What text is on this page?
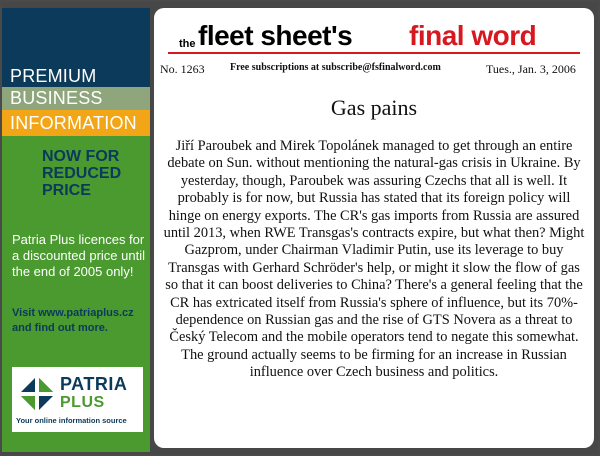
PREMIUM
BUSINESS
INFORMATION
NOW FOR
REDUCED
PRICE
Patria Plus licences for a discounted price until the end of 2005 only!
Visit www.patriaplus.cz
and find out more.
PATRIA
PLUS
Your online information source
the fleet sheet's final word
No. 1263	Free subscriptions at subscribe@fsfinalword.com	Tues., Jan. 3, 2006
Gas pains

Jiří Paroubek and Mirek Topolánek managed to get through an entire debate on Sun. without mentioning the natural-gas crisis in Ukraine. By yesterday, though, Paroubek was assuring Czechs that all is well. It probably is for now, but Russia has stated that its foreign policy will hinge on energy exports. The CR's gas imports from Russia are assured until 2013, when RWE Transgas's contracts expire, but what then? Might Gazprom, under Chairman Vladimir Putin, use its leverage to buy Transgas with Gerhard Schröder's help, or might it slow the flow of gas so that it can boost deliveries to China? There's a general feeling that the CR has extricated itself from Russia's sphere of influence, but its 70%-dependence on Russian gas and the rise of GTS Novera as a threat to Český Telecom and the mobile operators tend to negate this somewhat. The ground actually seems to be firming for an increase in Russian influence over Czech business and politics.
